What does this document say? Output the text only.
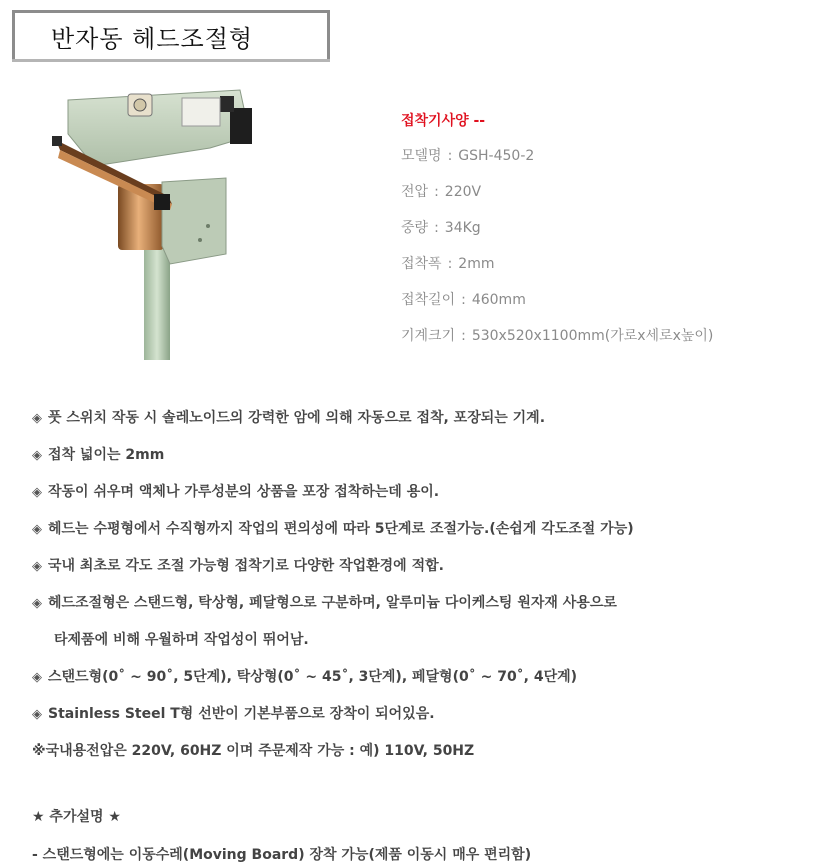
반자동 헤드조절형
접착기사양 --
모델명 : GSH-450-2
전압 : 220V
중량 : 34Kg
접착폭 : 2mm
접착길이 : 460mm
기계크기 : 530x520x1100mm(가로x세로x높이)
◈ 풋 스위치 작동 시 솔레노이드의 강력한 암에 의해 자동으로 접착, 포장되는 기계.
◈ 접착 넓이는 2mm
◈ 작동이 쉬우며 액체나 가루성분의 상품을 포장 접착하는데 용이.
◈ 헤드는 수평형에서 수직형까지 작업의 편의성에 따라 5단계로 조절가능.(손쉽게 각도조절 가능)
◈ 국내 최초로 각도 조절 가능형 접착기로 다양한 작업환경에 적합.
◈ 헤드조절형은 스탠드형, 탁상형, 페달형으로 구분하며, 알루미늄 다이케스팅 원자재 사용으로
타제품에 비해 우월하며 작업성이 뛰어남.
◈ 스탠드형(0˚ ~ 90˚, 5단계), 탁상형(0˚ ~ 45˚, 3단계), 페달형(0˚ ~ 70˚, 4단계)
◈ Stainless Steel T형 선반이 기본부품으로 장착이 되어있음.
※국내용전압은 220V, 60HZ 이며 주문제작 가능 : 예) 110V, 50HZ
★ 추가설명 ★
- 스탠드형에는 이동수레(Moving Board) 장착 가능(제품 이동시 매우 편리함)
